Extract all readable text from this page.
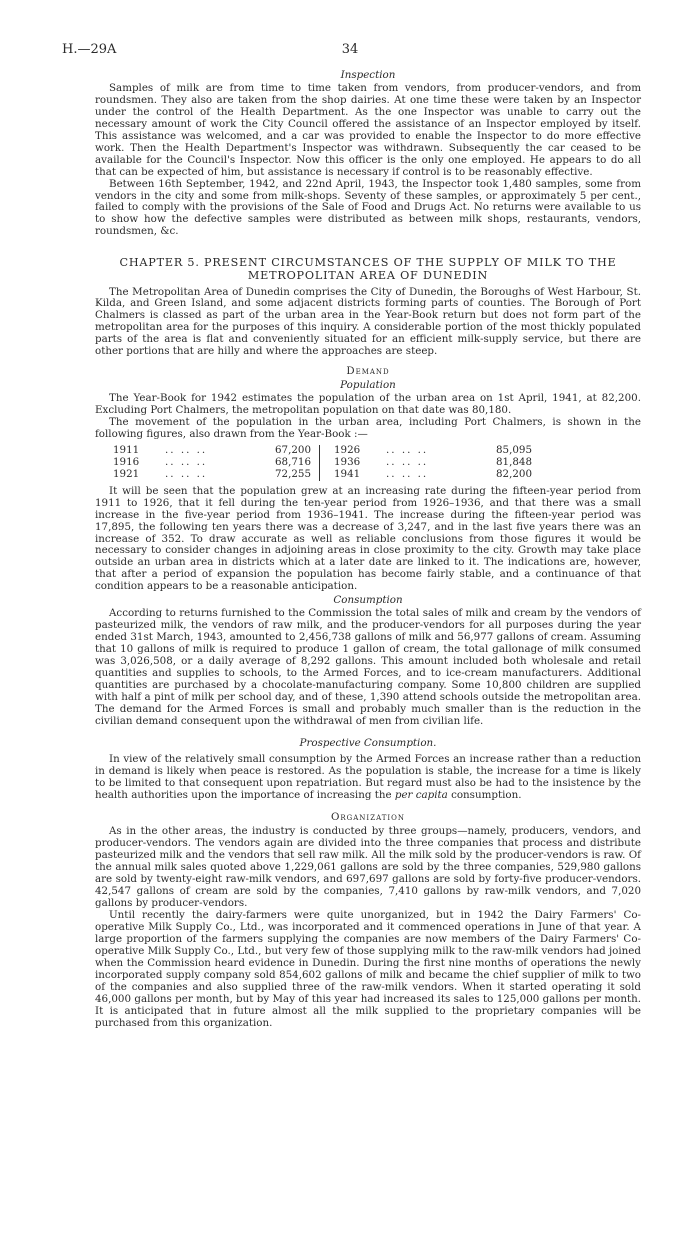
H.—29A	34
Inspection

Samples of milk are from time to time taken from vendors, from producer-vendors, and from roundsmen. They also are taken from the shop dairies. At one time these were taken by an Inspector under the control of the Health Department. As the one Inspector was unable to carry out the necessary amount of work the City Council offered the assistance of an Inspector employed by itself. This assistance was welcomed, and a car was provided to enable the Inspector to do more effective work. Then the Health Department's Inspector was withdrawn. Subsequently the car ceased to be available for the Council's Inspector. Now this officer is the only one employed. He appears to do all that can be expected of him, but assistance is necessary if control is to be reasonably effective.

Between 16th September, 1942, and 22nd April, 1943, the Inspector took 1,480 samples, some from vendors in the city and some from milk-shops. Seventy of these samples, or approximately 5 per cent., failed to comply with the provisions of the Sale of Food and Drugs Act. No returns were available to us to show how the defective samples were distributed as between milk shops, restaurants, vendors, roundsmen, &c.

CHAPTER 5. PRESENT CIRCUMSTANCES OF THE SUPPLY OF MILK TO THE METROPOLITAN AREA OF DUNEDIN

The Metropolitan Area of Dunedin comprises the City of Dunedin, the Boroughs of West Harbour, St. Kilda, and Green Island, and some adjacent districts forming parts of counties. The Borough of Port Chalmers is classed as part of the urban area in the Year-Book return but does not form part of the metropolitan area for the purposes of this inquiry. A considerable portion of the most thickly populated parts of the area is flat and conveniently situated for an efficient milk-supply service, but there are other portions that are hilly and where the approaches are steep.

Demand
Population

The Year-Book for 1942 estimates the population of the urban area on 1st April, 1941, at 82,200. Excluding Port Chalmers, the metropolitan population on that date was 80,180.

The movement of the population in the urban area, including Port Chalmers, is shown in the following figures, also drawn from the Year-Book :—

1911	.. .. ..	67,200		1926	.. .. ..	85,095
1916	.. .. ..	68,716		1936	.. .. ..	81,848
1921	.. .. ..	72,255		1941	.. .. ..	82,200

It will be seen that the population grew at an increasing rate during the fifteen-year period from 1911 to 1926, that it fell during the ten-year period from 1926–1936, and that there was a small increase in the five-year period from 1936–1941. The increase during the fifteen-year period was 17,895, the following ten years there was a decrease of 3,247, and in the last five years there was an increase of 352. To draw accurate as well as reliable conclusions from those figures it would be necessary to consider changes in adjoining areas in close proximity to the city. Growth may take place outside an urban area in districts which at a later date are linked to it. The indications are, however, that after a period of expansion the population has become fairly stable, and a continuance of that condition appears to be a reasonable anticipation.

Consumption

According to returns furnished to the Commission the total sales of milk and cream by the vendors of pasteurized milk, the vendors of raw milk, and the producer-vendors for all purposes during the year ended 31st March, 1943, amounted to 2,456,738 gallons of milk and 56,977 gallons of cream. Assuming that 10 gallons of milk is required to produce 1 gallon of cream, the total gallonage of milk consumed was 3,026,508, or a daily average of 8,292 gallons. This amount included both wholesale and retail quantities and supplies to schools, to the Armed Forces, and to ice-cream manufacturers. Additional quantities are purchased by a chocolate-manufacturing company. Some 10,800 children are supplied with half a pint of milk per school day, and of these, 1,390 attend schools outside the metropolitan area. The demand for the Armed Forces is small and probably much smaller than is the reduction in the civilian demand consequent upon the withdrawal of men from civilian life.

Prospective Consumption.

In view of the relatively small consumption by the Armed Forces an increase rather than a reduction in demand is likely when peace is restored. As the population is stable, the increase for a time is likely to be limited to that consequent upon repatriation. But regard must also be had to the insistence by the health authorities upon the importance of increasing the per capita consumption.

Organization

As in the other areas, the industry is conducted by three groups—namely, producers, vendors, and producer-vendors. The vendors again are divided into the three companies that process and distribute pasteurized milk and the vendors that sell raw milk. All the milk sold by the producer-vendors is raw. Of the annual milk sales quoted above 1,229,061 gallons are sold by the three companies, 529,980 gallons are sold by twenty-eight raw-milk vendors, and 697,697 gallons are sold by forty-five producer-vendors. 42,547 gallons of cream are sold by the companies, 7,410 gallons by raw-milk vendors, and 7,020 gallons by producer-vendors.

Until recently the dairy-farmers were quite unorganized, but in 1942 the Dairy Farmers' Co-operative Milk Supply Co., Ltd., was incorporated and it commenced operations in June of that year. A large proportion of the farmers supplying the companies are now members of the Dairy Farmers' Co-operative Milk Supply Co., Ltd., but very few of those supplying milk to the raw-milk vendors had joined when the Commission heard evidence in Dunedin. During the first nine months of operations the newly incorporated supply company sold 854,602 gallons of milk and became the chief supplier of milk to two of the companies and also supplied three of the raw-milk vendors. When it started operating it sold 46,000 gallons per month, but by May of this year had increased its sales to 125,000 gallons per month. It is anticipated that in future almost all the milk supplied to the proprietary companies will be purchased from this organization.
